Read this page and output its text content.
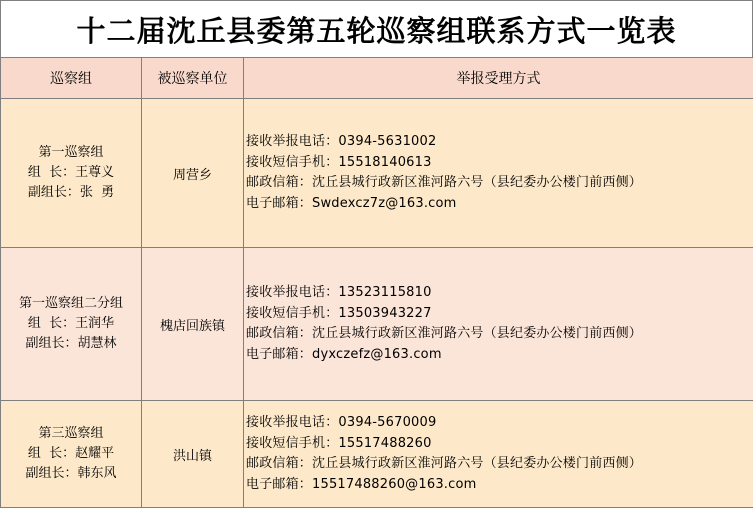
十二届沈丘县委第五轮巡察组联系方式一览表
巡察组	被巡察单位	举报受理方式

第一巡察组
组  长：王尊义
副组长：张  勇	周营乡	接收举报电话：0394-5631002
接收短信手机：15518140613
邮政信箱：沈丘县城行政新区淮河路六号（县纪委办公楼门前西侧）
电子邮箱：Swdexcz7z@163.com

第一巡察组二分组
组  长：王润华
副组长：胡慧林	槐店回族镇	接收举报电话：13523115810
接收短信手机：13503943227
邮政信箱：沈丘县城行政新区淮河路六号（县纪委办公楼门前西侧）
电子邮箱：dyxczefz@163.com

第三巡察组
组  长：赵耀平
副组长：韩东风	洪山镇	接收举报电话：0394-5670009
接收短信手机：15517488260
邮政信箱：沈丘县城行政新区淮河路六号（县纪委办公楼门前西侧）
电子邮箱：15517488260@163.com
